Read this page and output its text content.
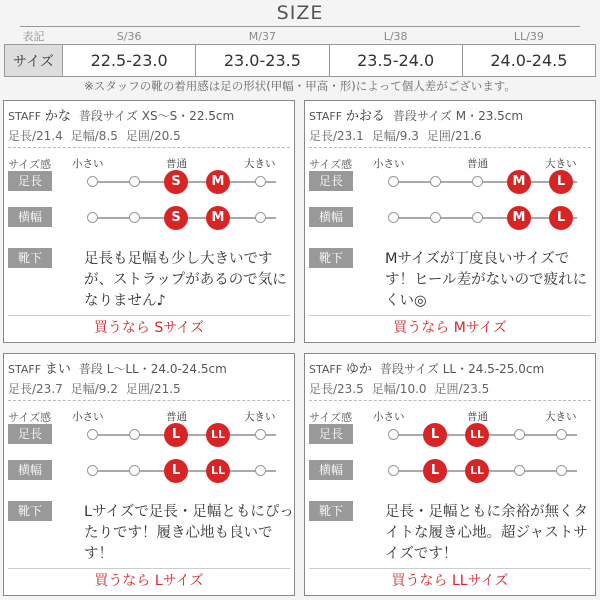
SIZE
表記	S/36	M/37	L/38	LL/39
サイズ	22.5-23.0	23.0-23.5	23.5-24.0	24.0-24.5
※スタッフの靴の着用感は足の形状(甲幅・甲高・形)によって個人差がございます。
STAFF かな 普段サイズ XS〜S・22.5cm
足長/21.4 足幅/8.5 足囲/20.5
サイズ感 小さい	普通	大きい
足長	S	M
横幅	S	M
靴下	足長も足幅も少し大きいですが、ストラップがあるので気になりません♪
買うなら Sサイズ
STAFF かおる 普段サイズ M・23.5cm
足長/23.1 足幅/9.3 足囲/21.6
サイズ感 小さい	普通	大きい
足長	M	L
横幅	M	L
靴下	Mサイズが丁度良いサイズです！ヒール差がないので疲れにくい◎
買うなら Mサイズ
STAFF まい 普段 L〜LL・24.0-24.5cm
足長/23.7 足幅/9.2 足囲/21.5
サイズ感 小さい	普通	大きい
足長	L	LL
横幅	L	LL
靴下	Lサイズで足長・足幅ともにぴったりです！履き心地も良いです！
買うなら Lサイズ
STAFF ゆか 普段サイズ LL・24.5-25.0cm
足長/23.5 足幅/10.0 足囲/23.5
サイズ感 小さい	普通	大きい
足長	L	LL
横幅	L	LL
靴下	足長・足幅ともに余裕が無くタイトな履き心地。超ジャストサイズです！
買うなら LLサイズ
